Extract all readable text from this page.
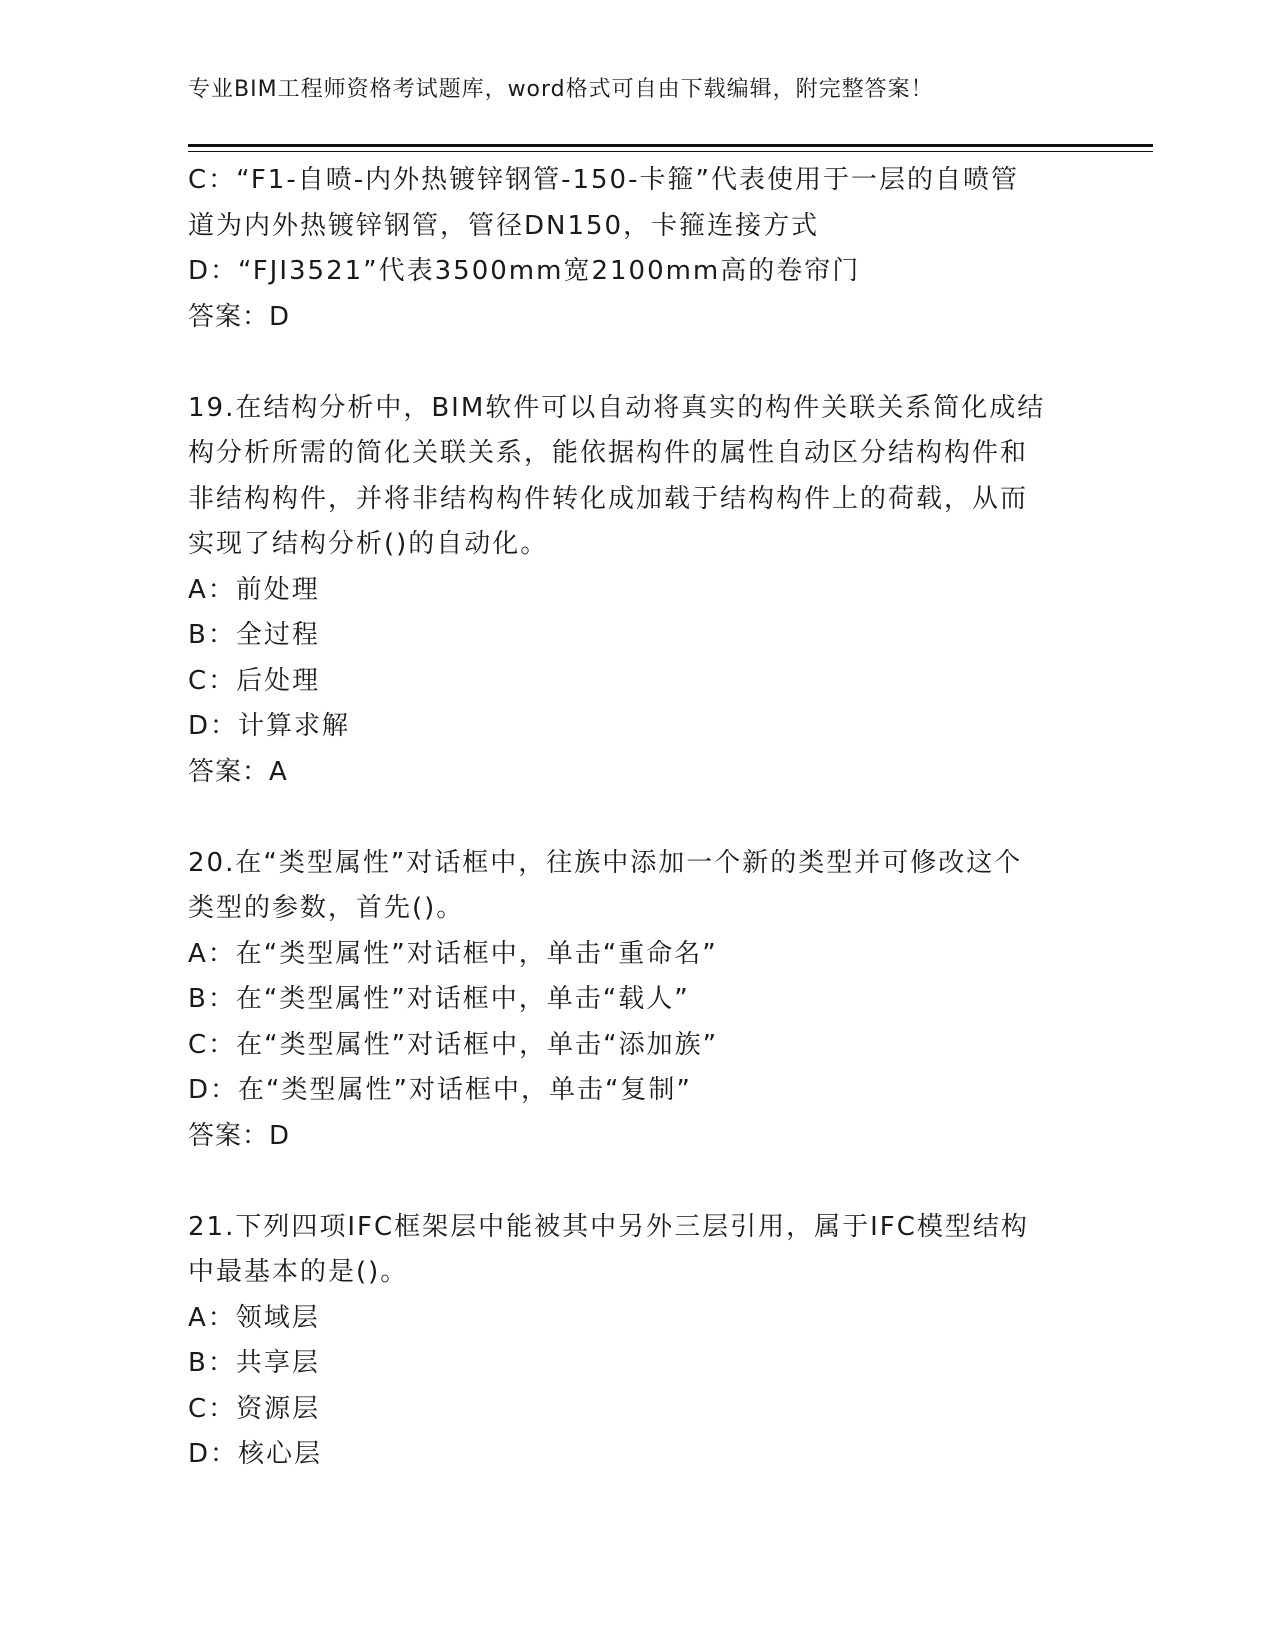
专业BIM工程师资格考试题库，word格式可自由下载编辑，附完整答案！
C：“F1-自喷-内外热镀锌钢管-150-卡箍”代表使用于一层的自喷管
道为内外热镀锌钢管，管径DN150，卡箍连接方式
D：“FJI3521”代表3500mm宽2100mm高的卷帘门
答案：D
19.在结构分析中，BIM软件可以自动将真实的构件关联关系简化成结
构分析所需的简化关联关系，能依据构件的属性自动区分结构构件和
非结构构件，并将非结构构件转化成加载于结构构件上的荷载，从而
实现了结构分析()的自动化。
A：前处理
B：全过程
C：后处理
D：计算求解
答案：A
20.在“类型属性”对话框中，往族中添加一个新的类型并可修改这个
类型的参数，首先()。
A：在“类型属性”对话框中，单击“重命名”
B：在“类型属性”对话框中，单击“载人”
C：在“类型属性”对话框中，单击“添加族”
D：在“类型属性”对话框中，单击“复制”
答案：D
21.下列四项IFC框架层中能被其中另外三层引用，属于IFC模型结构
中最基本的是()。
A：领域层
B：共享层
C：资源层
D：核心层
